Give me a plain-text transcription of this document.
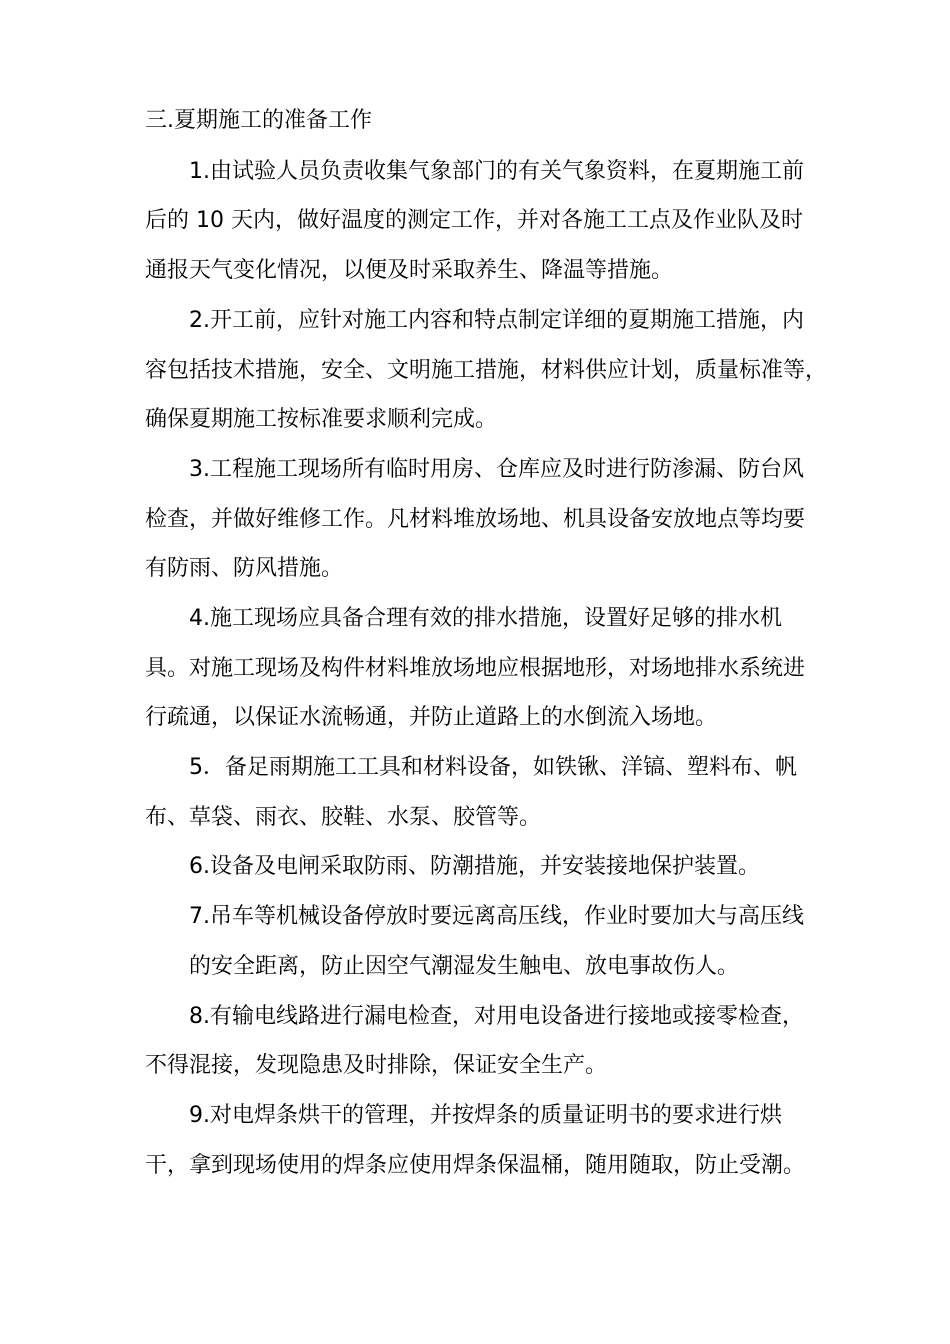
三.夏期施工的准备工作
1.由试验人员负责收集气象部门的有关气象资料，在夏期施工前
后的 10 天内，做好温度的测定工作，并对各施工工点及作业队及时
通报天气变化情况，以便及时采取养生、降温等措施。
2.开工前，应针对施工内容和特点制定详细的夏期施工措施，内
容包括技术措施，安全、文明施工措施，材料供应计划，质量标准等，
确保夏期施工按标准要求顺利完成。
3.工程施工现场所有临时用房、仓库应及时进行防渗漏、防台风
检查，并做好维修工作。凡材料堆放场地、机具设备安放地点等均要
有防雨、防风措施。
4.施工现场应具备合理有效的排水措施，设置好足够的排水机
具。对施工现场及构件材料堆放场地应根据地形，对场地排水系统进
行疏通，以保证水流畅通，并防止道路上的水倒流入场地。
5．备足雨期施工工具和材料设备，如铁锹、洋镐、塑料布、帆
布、草袋、雨衣、胶鞋、水泵、胶管等。
6.设备及电闸采取防雨、防潮措施，并安装接地保护装置。
7.吊车等机械设备停放时要远离高压线，作业时要加大与高压线
的安全距离，防止因空气潮湿发生触电、放电事故伤人。
8.有输电线路进行漏电检查，对用电设备进行接地或接零检查，
不得混接，发现隐患及时排除，保证安全生产。
9.对电焊条烘干的管理，并按焊条的质量证明书的要求进行烘
干，拿到现场使用的焊条应使用焊条保温桶，随用随取，防止受潮。
